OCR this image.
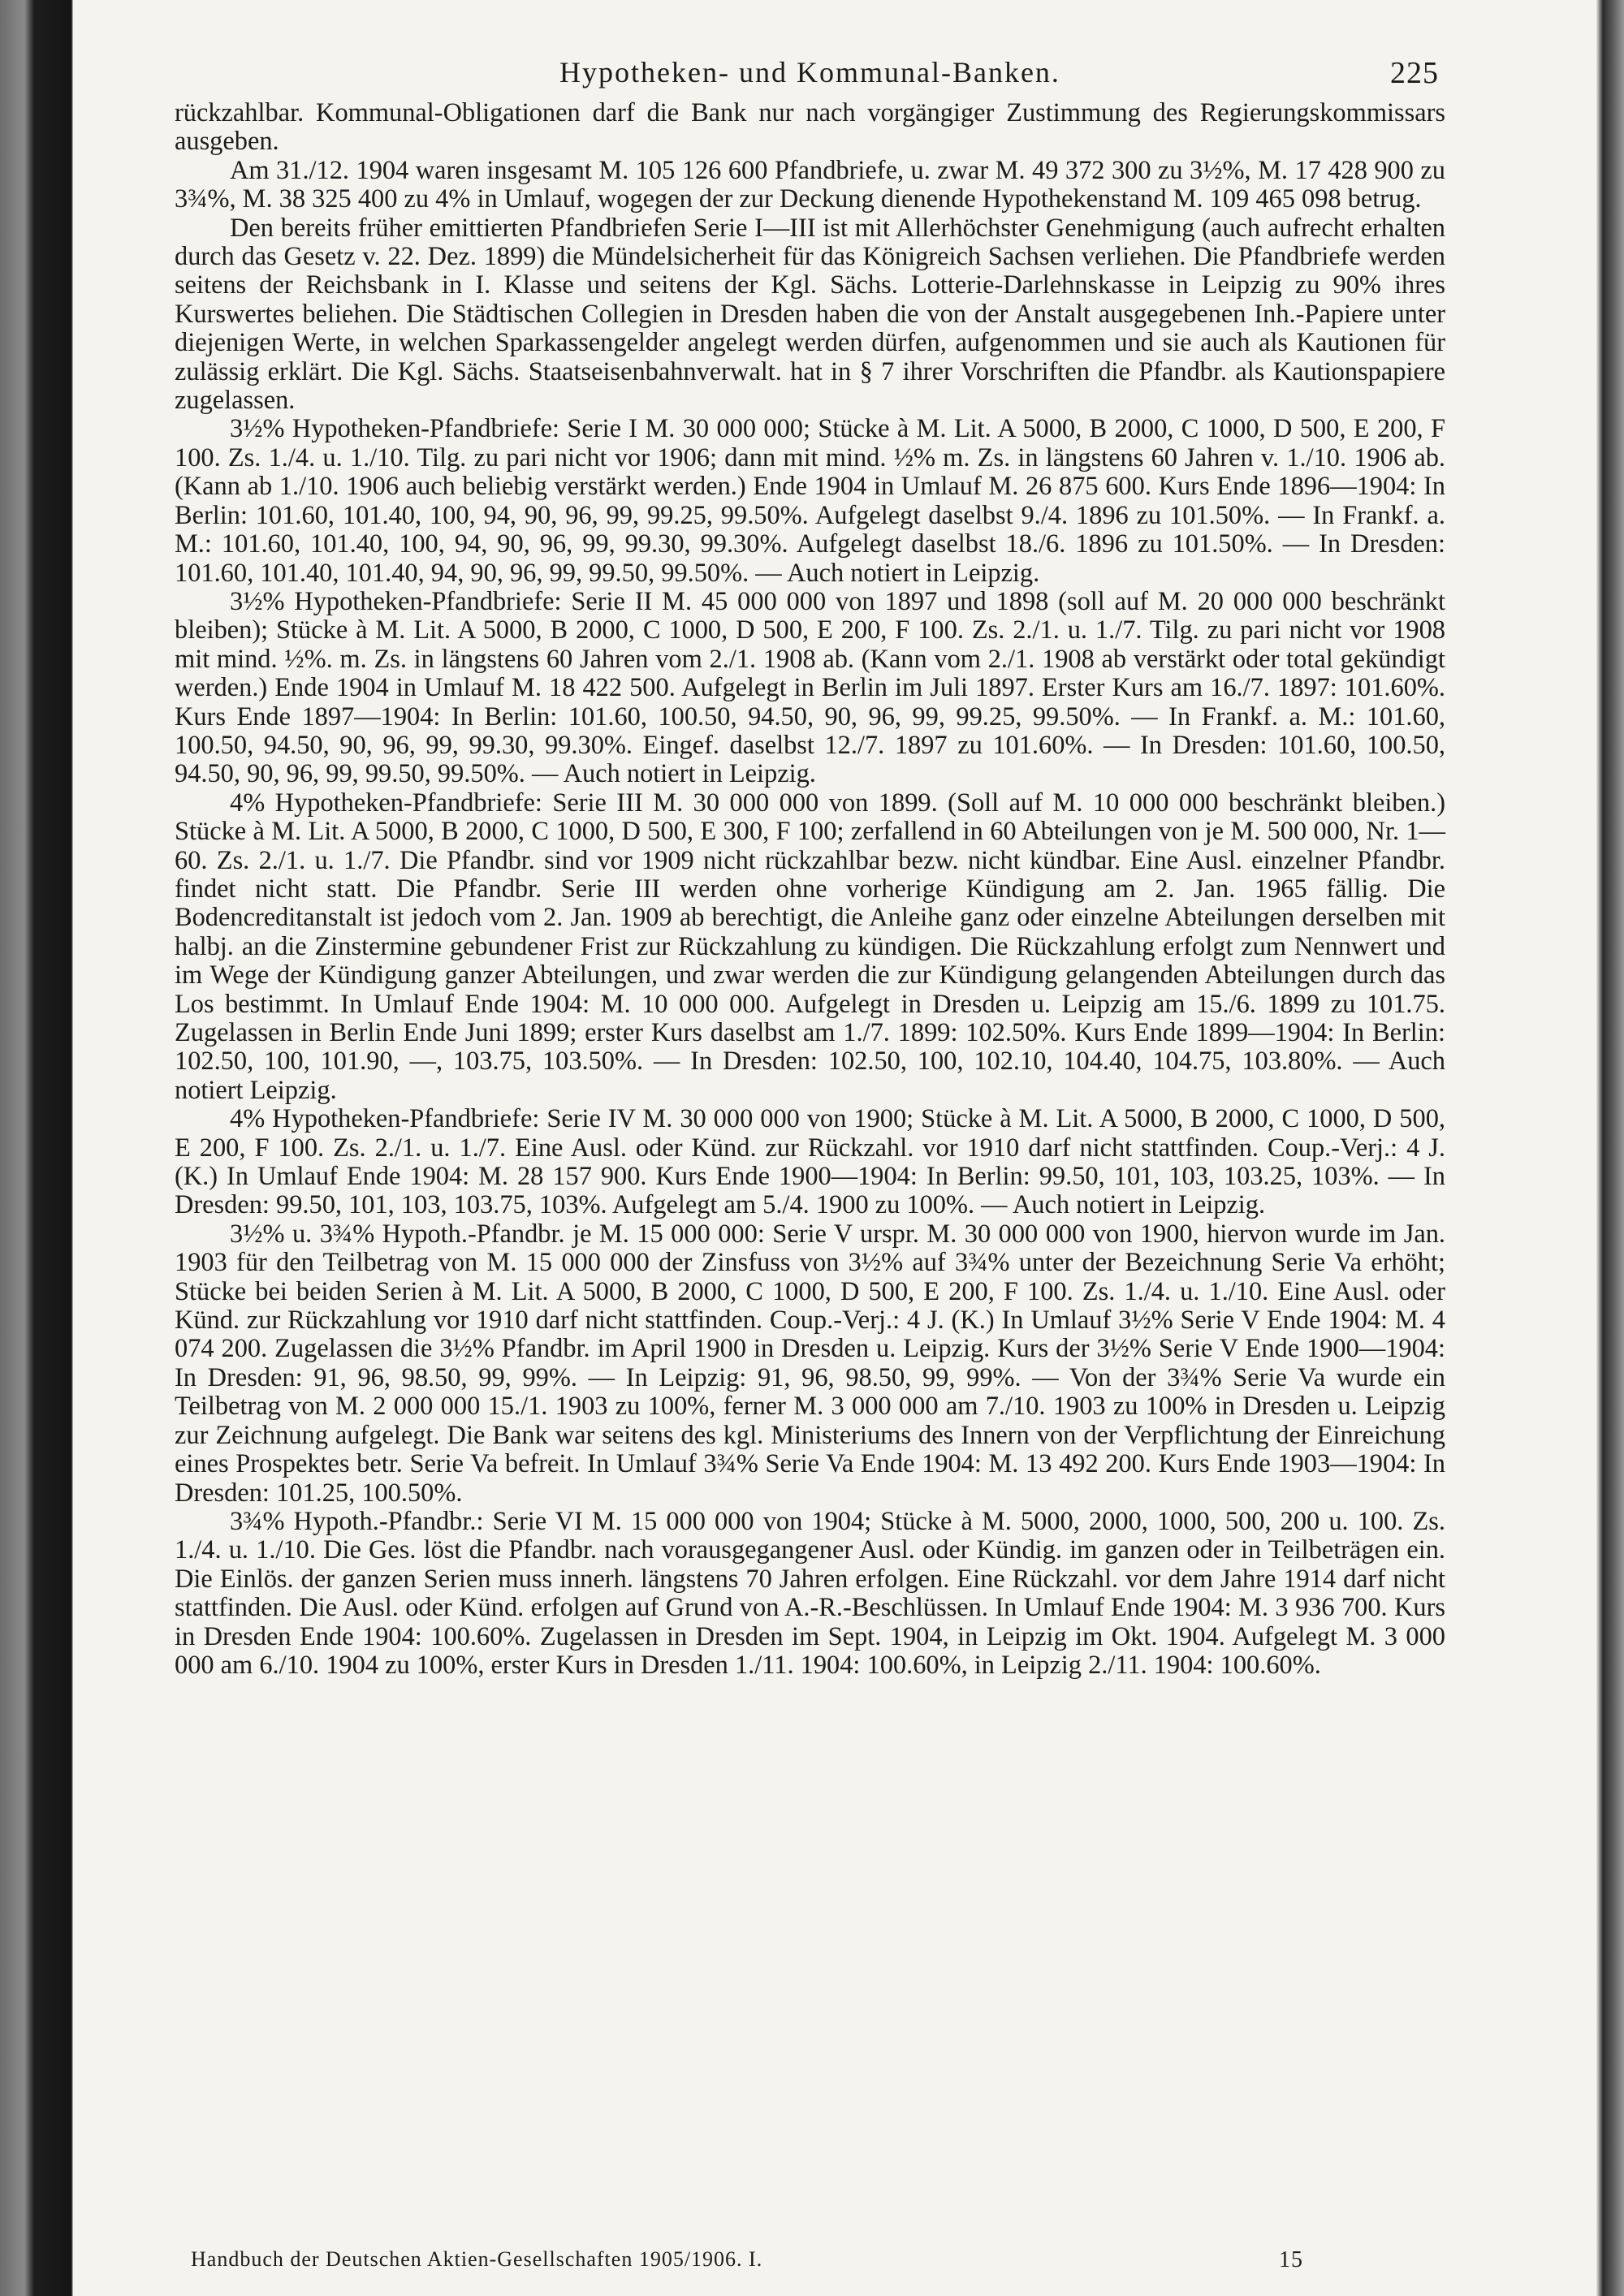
Hypotheken- und Kommunal-Banken.	225

rückzahlbar. Kommunal-Obligationen darf die Bank nur nach vorgängiger Zustimmung des Regierungskommissars ausgeben.

Am 31./12. 1904 waren insgesamt M. 105 126 600 Pfandbriefe, u. zwar M. 49 372 300 zu 3½%, M. 17 428 900 zu 3¾%, M. 38 325 400 zu 4% in Umlauf, wogegen der zur Deckung dienende Hypothekenstand M. 109 465 098 betrug.

Den bereits früher emittierten Pfandbriefen Serie I—III ist mit Allerhöchster Genehmigung (auch aufrecht erhalten durch das Gesetz v. 22. Dez. 1899) die Mündelsicherheit für das Königreich Sachsen verliehen. Die Pfandbriefe werden seitens der Reichsbank in I. Klasse und seitens der Kgl. Sächs. Lotterie-Darlehnskasse in Leipzig zu 90% ihres Kurswertes beliehen. Die Städtischen Collegien in Dresden haben die von der Anstalt ausgegebenen Inh.-Papiere unter diejenigen Werte, in welchen Sparkassengelder angelegt werden dürfen, aufgenommen und sie auch als Kautionen für zulässig erklärt. Die Kgl. Sächs. Staatseisenbahnverwalt. hat in § 7 ihrer Vorschriften die Pfandbr. als Kautionspapiere zugelassen.

3½% Hypotheken-Pfandbriefe: Serie I M. 30 000 000; Stücke à M. Lit. A 5000, B 2000, C 1000, D 500, E 200, F 100. Zs. 1./4. u. 1./10. Tilg. zu pari nicht vor 1906; dann mit mind. ½% m. Zs. in längstens 60 Jahren v. 1./10. 1906 ab. (Kann ab 1./10. 1906 auch beliebig verstärkt werden.) Ende 1904 in Umlauf M. 26 875 600. Kurs Ende 1896—1904: In Berlin: 101.60, 101.40, 100, 94, 90, 96, 99, 99.25, 99.50%. Aufgelegt daselbst 9./4. 1896 zu 101.50%. — In Frankf. a. M.: 101.60, 101.40, 100, 94, 90, 96, 99, 99.30, 99.30%. Aufgelegt daselbst 18./6. 1896 zu 101.50%. — In Dresden: 101.60, 101.40, 101.40, 94, 90, 96, 99, 99.50, 99.50%. — Auch notiert in Leipzig.

3½% Hypotheken-Pfandbriefe: Serie II M. 45 000 000 von 1897 und 1898 (soll auf M. 20 000 000 beschränkt bleiben); Stücke à M. Lit. A 5000, B 2000, C 1000, D 500, E 200, F 100. Zs. 2./1. u. 1./7. Tilg. zu pari nicht vor 1908 mit mind. ½%. m. Zs. in längstens 60 Jahren vom 2./1. 1908 ab. (Kann vom 2./1. 1908 ab verstärkt oder total gekündigt werden.) Ende 1904 in Umlauf M. 18 422 500. Aufgelegt in Berlin im Juli 1897. Erster Kurs am 16./7. 1897: 101.60%. Kurs Ende 1897—1904: In Berlin: 101.60, 100.50, 94.50, 90, 96, 99, 99.25, 99.50%. — In Frankf. a. M.: 101.60, 100.50, 94.50, 90, 96, 99, 99.30, 99.30%. Eingef. daselbst 12./7. 1897 zu 101.60%. — In Dresden: 101.60, 100.50, 94.50, 90, 96, 99, 99.50, 99.50%. — Auch notiert in Leipzig.

4% Hypotheken-Pfandbriefe: Serie III M. 30 000 000 von 1899. (Soll auf M. 10 000 000 beschränkt bleiben.) Stücke à M. Lit. A 5000, B 2000, C 1000, D 500, E 300, F 100; zerfallend in 60 Abteilungen von je M. 500 000, Nr. 1—60. Zs. 2./1. u. 1./7. Die Pfandbr. sind vor 1909 nicht rückzahlbar bezw. nicht kündbar. Eine Ausl. einzelner Pfandbr. findet nicht statt. Die Pfandbr. Serie III werden ohne vorherige Kündigung am 2. Jan. 1965 fällig. Die Bodencreditanstalt ist jedoch vom 2. Jan. 1909 ab berechtigt, die Anleihe ganz oder einzelne Abteilungen derselben mit halbj. an die Zinstermine gebundener Frist zur Rückzahlung zu kündigen. Die Rückzahlung erfolgt zum Nennwert und im Wege der Kündigung ganzer Abteilungen, und zwar werden die zur Kündigung gelangenden Abteilungen durch das Los bestimmt. In Umlauf Ende 1904: M. 10 000 000. Aufgelegt in Dresden u. Leipzig am 15./6. 1899 zu 101.75. Zugelassen in Berlin Ende Juni 1899; erster Kurs daselbst am 1./7. 1899: 102.50%. Kurs Ende 1899—1904: In Berlin: 102.50, 100, 101.90, —, 103.75, 103.50%. — In Dresden: 102.50, 100, 102.10, 104.40, 104.75, 103.80%. — Auch notiert Leipzig.

4% Hypotheken-Pfandbriefe: Serie IV M. 30 000 000 von 1900; Stücke à M. Lit. A 5000, B 2000, C 1000, D 500, E 200, F 100. Zs. 2./1. u. 1./7. Eine Ausl. oder Künd. zur Rückzahl. vor 1910 darf nicht stattfinden. Coup.-Verj.: 4 J. (K.) In Umlauf Ende 1904: M. 28 157 900. Kurs Ende 1900—1904: In Berlin: 99.50, 101, 103, 103.25, 103%. — In Dresden: 99.50, 101, 103, 103.75, 103%. Aufgelegt am 5./4. 1900 zu 100%. — Auch notiert in Leipzig.

3½% u. 3¾% Hypoth.-Pfandbr. je M. 15 000 000: Serie V urspr. M. 30 000 000 von 1900, hiervon wurde im Jan. 1903 für den Teilbetrag von M. 15 000 000 der Zinsfuss von 3½% auf 3¾% unter der Bezeichnung Serie Va erhöht; Stücke bei beiden Serien à M. Lit. A 5000, B 2000, C 1000, D 500, E 200, F 100. Zs. 1./4. u. 1./10. Eine Ausl. oder Künd. zur Rückzahlung vor 1910 darf nicht stattfinden. Coup.-Verj.: 4 J. (K.) In Umlauf 3½% Serie V Ende 1904: M. 4 074 200. Zugelassen die 3½% Pfandbr. im April 1900 in Dresden u. Leipzig. Kurs der 3½% Serie V Ende 1900—1904: In Dresden: 91, 96, 98.50, 99, 99%. — In Leipzig: 91, 96, 98.50, 99, 99%. — Von der 3¾% Serie Va wurde ein Teilbetrag von M. 2 000 000 15./1. 1903 zu 100%, ferner M. 3 000 000 am 7./10. 1903 zu 100% in Dresden u. Leipzig zur Zeichnung aufgelegt. Die Bank war seitens des kgl. Ministeriums des Innern von der Verpflichtung der Einreichung eines Prospektes betr. Serie Va befreit. In Umlauf 3¾% Serie Va Ende 1904: M. 13 492 200. Kurs Ende 1903—1904: In Dresden: 101.25, 100.50%.

3¾% Hypoth.-Pfandbr.: Serie VI M. 15 000 000 von 1904; Stücke à M. 5000, 2000, 1000, 500, 200 u. 100. Zs. 1./4. u. 1./10. Die Ges. löst die Pfandbr. nach vorausgegangener Ausl. oder Kündig. im ganzen oder in Teilbeträgen ein. Die Einlös. der ganzen Serien muss innerh. längstens 70 Jahren erfolgen. Eine Rückzahl. vor dem Jahre 1914 darf nicht stattfinden. Die Ausl. oder Künd. erfolgen auf Grund von A.-R.-Beschlüssen. In Umlauf Ende 1904: M. 3 936 700. Kurs in Dresden Ende 1904: 100.60%. Zugelassen in Dresden im Sept. 1904, in Leipzig im Okt. 1904. Aufgelegt M. 3 000 000 am 6./10. 1904 zu 100%, erster Kurs in Dresden 1./11. 1904: 100.60%, in Leipzig 2./11. 1904: 100.60%.

Handbuch der Deutschen Aktien-Gesellschaften 1905/1906. I.	15
